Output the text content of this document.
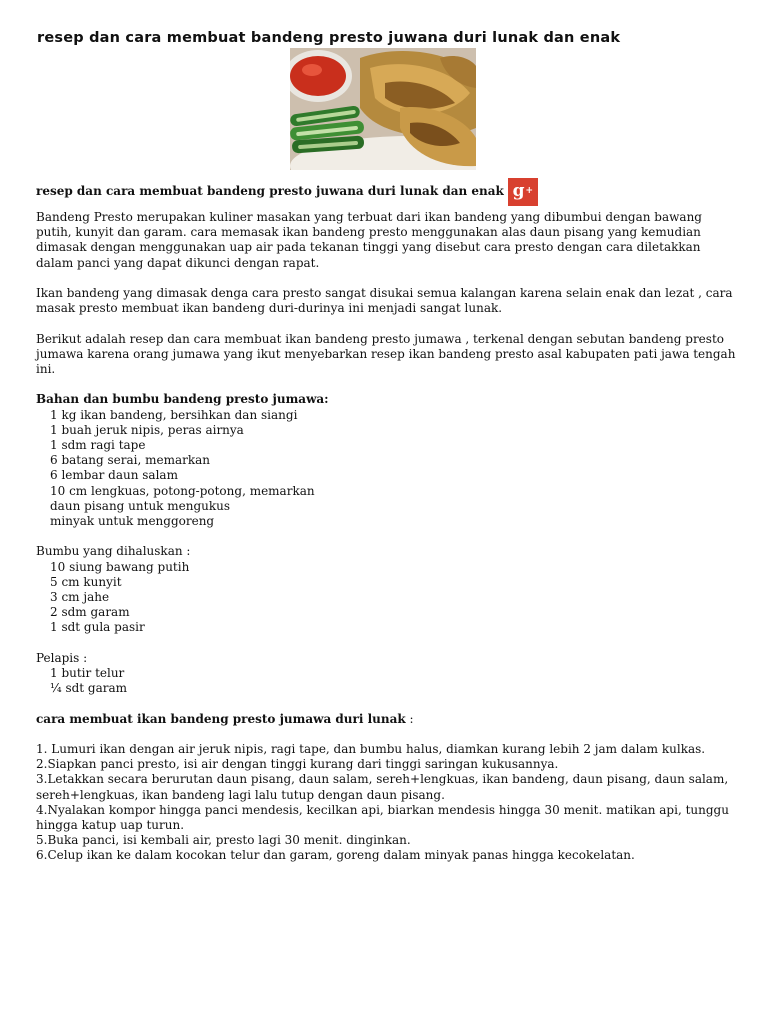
resep dan cara membuat bandeng presto juwana duri lunak dan enak

resep dan cara membuat bandeng presto juwana duri lunak dan enak g +

Bandeng Presto merupakan kuliner masakan yang terbuat dari ikan bandeng yang dibumbui dengan bawang putih, kunyit dan garam. cara memasak ikan bandeng presto menggunakan alas daun pisang yang kemudian dimasak dengan menggunakan uap air pada tekanan tinggi yang disebut cara presto dengan cara diletakkan dalam panci yang dapat dikunci dengan rapat.

Ikan bandeng yang dimasak denga cara presto sangat disukai semua kalangan karena selain enak dan lezat , cara masak presto membuat ikan bandeng duri-durinya ini menjadi sangat lunak.

Berikut adalah resep dan cara membuat ikan bandeng presto jumawa , terkenal dengan sebutan bandeng presto jumawa karena orang jumawa yang ikut menyebarkan resep ikan bandeng presto asal kabupaten pati jawa tengah ini.

Bahan dan bumbu bandeng presto jumawa:

1 kg ikan bandeng, bersihkan dan siangi

1 buah jeruk nipis, peras airnya

1 sdm ragi tape

6 batang serai, memarkan

6 lembar daun salam

10 cm lengkuas, potong-potong, memarkan

daun pisang untuk mengukus

minyak untuk menggoreng

Bumbu yang dihaluskan :

10 siung bawang putih

5 cm kunyit

3 cm jahe

2 sdm garam

1 sdt gula pasir

Pelapis :

1 butir telur

¼ sdt garam

cara membuat ikan bandeng presto jumawa duri lunak :

1. Lumuri ikan dengan air jeruk nipis, ragi tape, dan bumbu halus, diamkan kurang lebih 2 jam dalam kulkas.

2.Siapkan panci presto, isi air dengan tinggi kurang dari tinggi saringan kukusannya.

3.Letakkan secara berurutan daun pisang, daun salam, sereh+lengkuas, ikan bandeng, daun pisang, daun salam, sereh+lengkuas, ikan bandeng lagi lalu tutup dengan daun pisang.

4.Nyalakan kompor hingga panci mendesis, kecilkan api, biarkan mendesis hingga 30 menit. matikan api, tunggu hingga katup uap turun.

5.Buka panci, isi kembali air, presto lagi 30 menit. dinginkan.

6.Celup ikan ke dalam kocokan telur dan garam, goreng dalam minyak panas hingga kecokelatan.
